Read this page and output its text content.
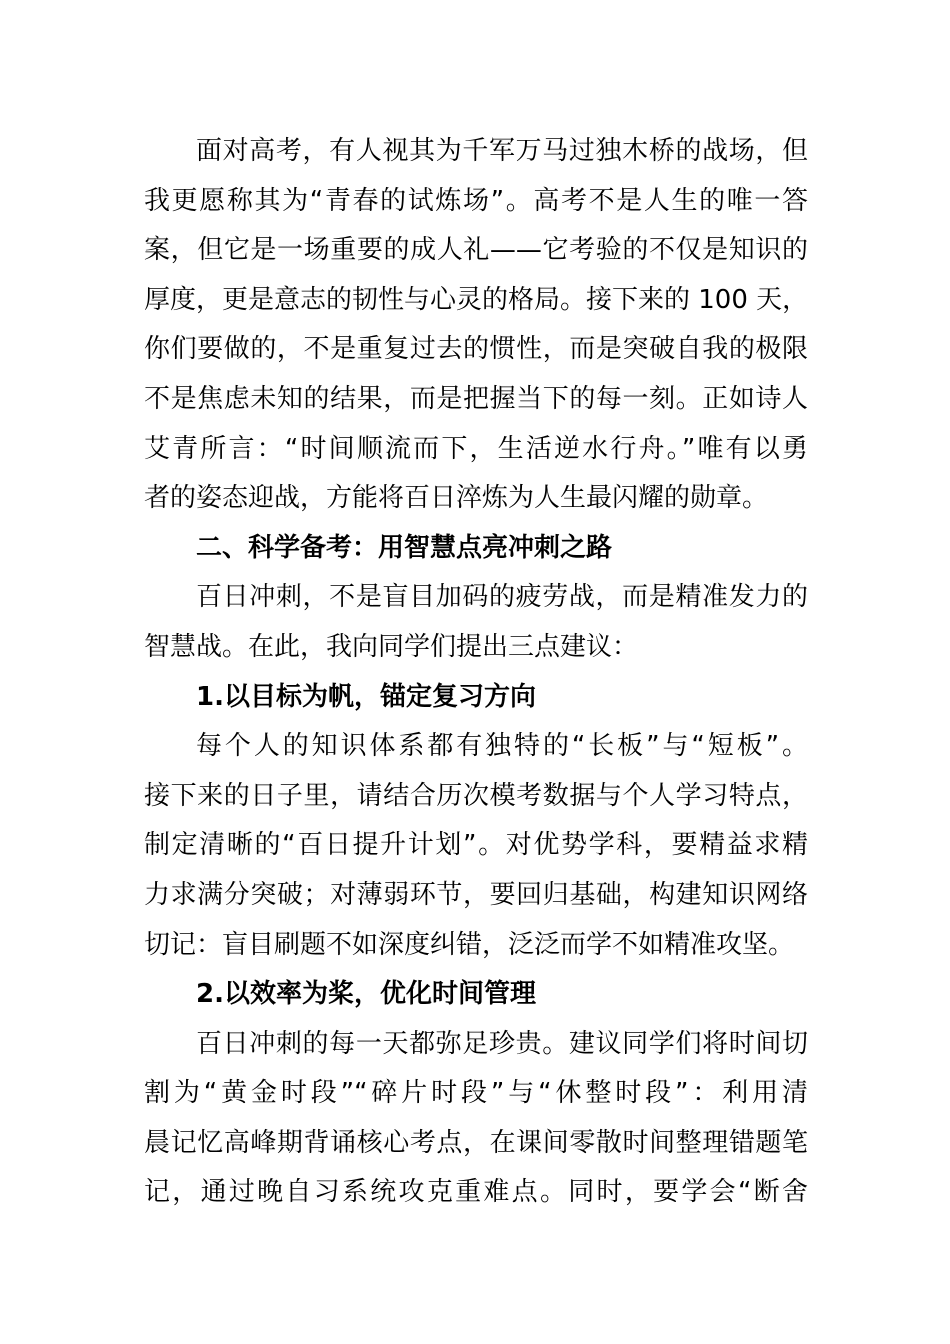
面对高考，有人视其为千军万马过独木桥的战场，但
我更愿称其为“青春的试炼场”。高考不是人生的唯一答
案，但它是一场重要的成人礼——它考验的不仅是知识的
厚度，更是意志的韧性与心灵的格局。接下来的 100 天，
你们要做的，不是重复过去的惯性，而是突破自我的极限
不是焦虑未知的结果，而是把握当下的每一刻。正如诗人
艾青所言：“时间顺流而下，生活逆水行舟。”唯有以勇
者的姿态迎战，方能将百日淬炼为人生最闪耀的勋章。
二、科学备考：用智慧点亮冲刺之路
百日冲刺，不是盲目加码的疲劳战，而是精准发力的
智慧战。在此，我向同学们提出三点建议：
1.以目标为帆，锚定复习方向
每个人的知识体系都有独特的“长板”与“短板”。
接下来的日子里，请结合历次模考数据与个人学习特点，
制定清晰的“百日提升计划”。对优势学科，要精益求精
力求满分突破；对薄弱环节，要回归基础，构建知识网络
切记：盲目刷题不如深度纠错，泛泛而学不如精准攻坚。
2.以效率为桨，优化时间管理
百日冲刺的每一天都弥足珍贵。建议同学们将时间切
割为“黄金时段”“碎片时段”与“休整时段”：利用清
晨记忆高峰期背诵核心考点，在课间零散时间整理错题笔
记，通过晚自习系统攻克重难点。同时，要学会“断舍
